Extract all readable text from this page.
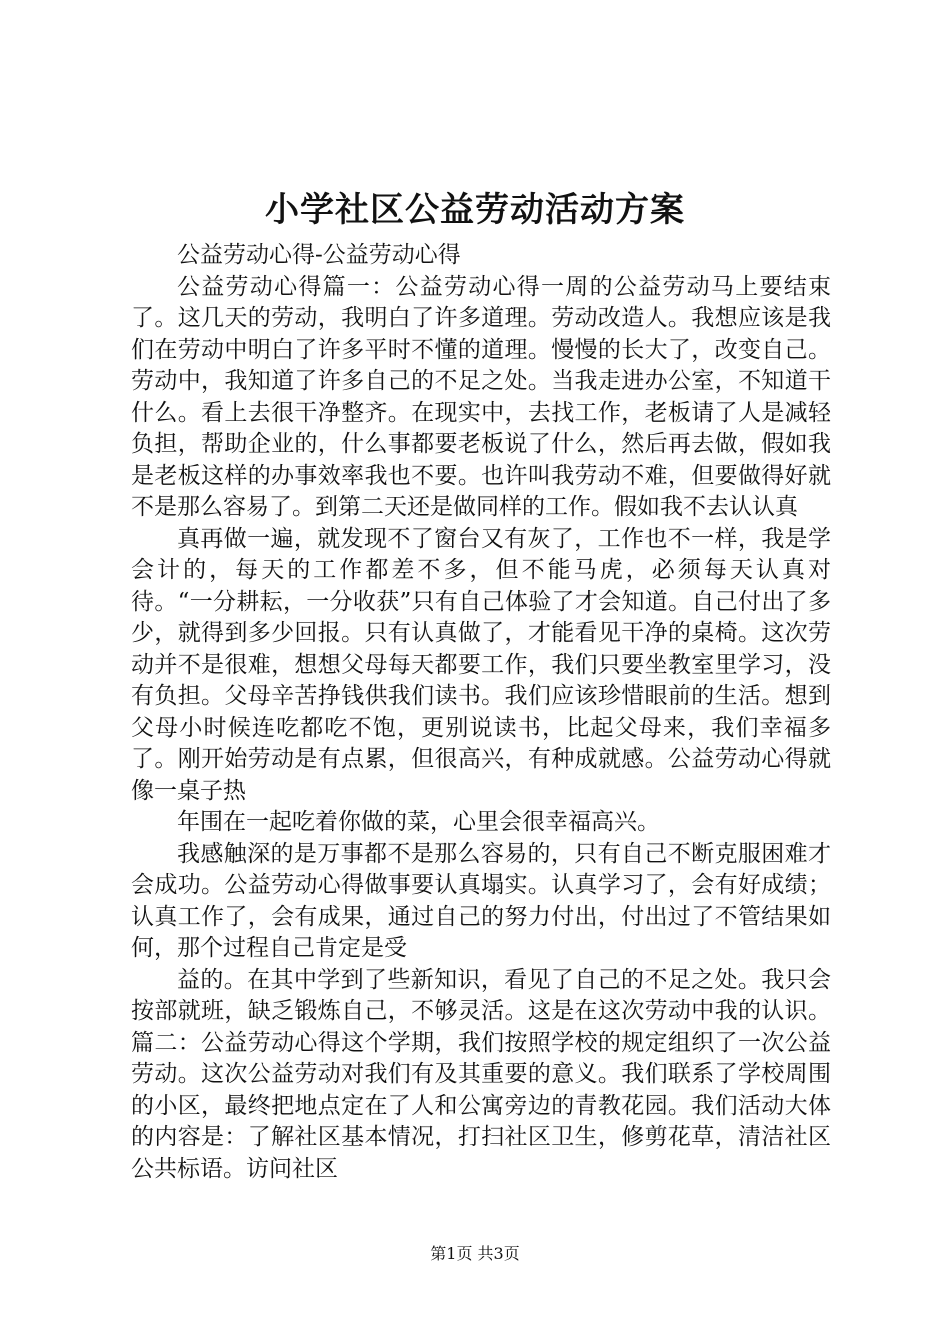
小学社区公益劳动活动方案

公益劳动心得-公益劳动心得

公益劳动心得篇一：公益劳动心得一周的公益劳动马上要结束了。这几天的劳动，我明白了许多道理。劳动改造人。我想应该是我们在劳动中明白了许多平时不懂的道理。慢慢的长大了，改变自己。劳动中，我知道了许多自己的不足之处。当我走进办公室，不知道干什么。看上去很干净整齐。在现实中，去找工作，老板请了人是减轻负担，帮助企业的，什么事都要老板说了什么，然后再去做，假如我是老板这样的办事效率我也不要。也许叫我劳动不难，但要做得好就不是那么容易了。到第二天还是做同样的工作。假如我不去认认真

真再做一遍，就发现不了窗台又有灰了，工作也不一样，我是学会计的，每天的工作都差不多，但不能马虎，必须每天认真对待。“一分耕耘，一分收获”只有自己体验了才会知道。自己付出了多少，就得到多少回报。只有认真做了，才能看见干净的桌椅。这次劳动并不是很难，想想父母每天都要工作，我们只要坐教室里学习，没有负担。父母辛苦挣钱供我们读书。我们应该珍惜眼前的生活。想到父母小时候连吃都吃不饱，更别说读书，比起父母来，我们幸福多了。刚开始劳动是有点累，但很高兴，有种成就感。公益劳动心得就像一桌子热

年围在一起吃着你做的菜，心里会很幸福高兴。

我感触深的是万事都不是那么容易的，只有自己不断克服困难才会成功。公益劳动心得做事要认真塌实。认真学习了，会有好成绩；认真工作了，会有成果，通过自己的努力付出，付出过了不管结果如何，那个过程自己肯定是受

益的。在其中学到了些新知识，看见了自己的不足之处。我只会按部就班，缺乏锻炼自己，不够灵活。这是在这次劳动中我的认识。篇二：公益劳动心得这个学期，我们按照学校的规定组织了一次公益劳动。这次公益劳动对我们有及其重要的意义。我们联系了学校周围的小区，最终把地点定在了人和公寓旁边的青教花园。我们活动大体的内容是：了解社区基本情况，打扫社区卫生，修剪花草，清洁社区公共标语。访问社区

第1页 共3页
